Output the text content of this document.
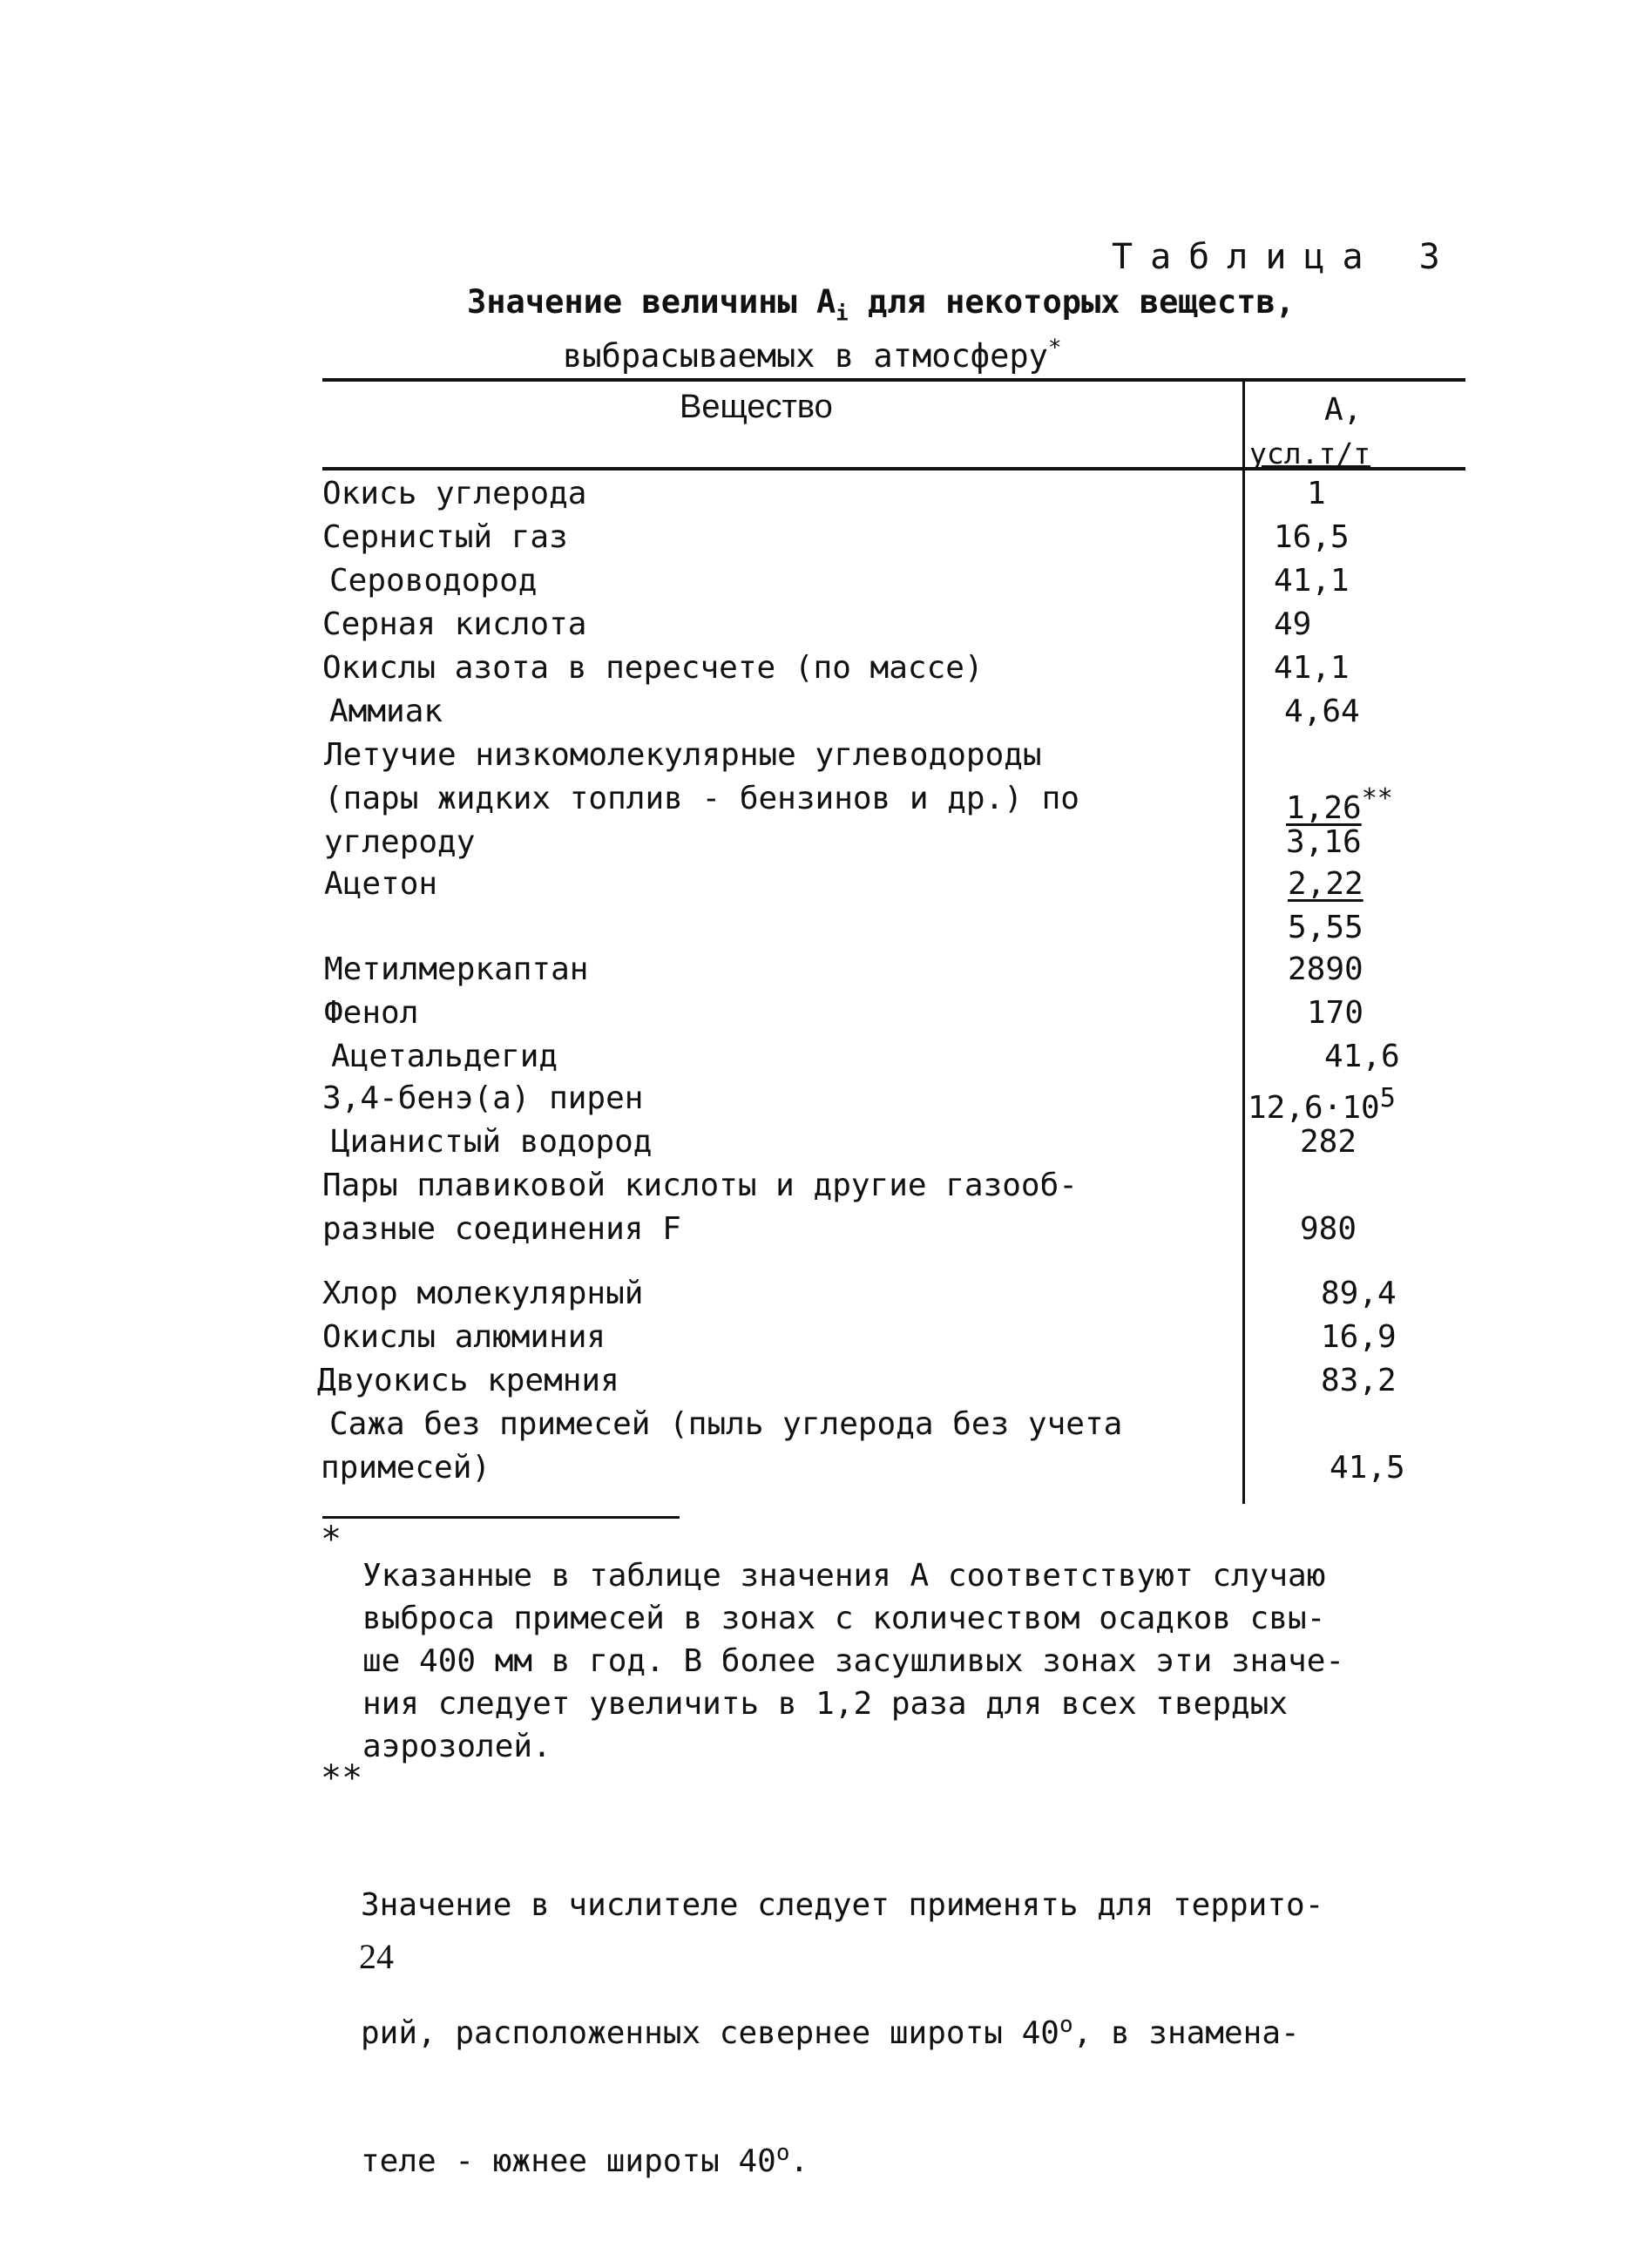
Таблица 3
Значение величины $A_i$ для некоторых веществ,
выбрасываемых в атмосферу*
Вещество	A,
усл.т/т
Окись углерода
Сернистый газ
Сероводород
Серная кислота
Окислы азота в пересчете (по массе)
Аммиак
Летучие низкомолекулярные углеводороды
(пары жидких топлив - бензинов и др.) по
углероду
Ацетон
Метилмеркаптан
Фенол
Ацетальдегид
3,4-бенэ(а) пирен
Цианистый водород
Пары плавиковой кислоты и другие газооб-
разные соединения F
Хлор молекулярный
Окислы алюминия
Двуокись кремния
Сажа без примесей (пыль углерода без учета
примесей)
1
16,5
41,1
49
41,1
4,64
1,26**
3,16
2,22
5,55
2890
170
41,6
$12,6\cdot 10^5$
282
980
89,4
16,9
83,2
41,5
*
Указанные в таблице значения A соответствуют случаю
выброса примесей в зонах с количеством осадков свы-
ше 400 мм в год. В более засушливых зонах эти значе-
ния следует увеличить в 1,2 раза для всех твердых
аэрозолей.
**

Значение в числителе следует применять для террито-

рий, расположенных севернее широты 40$^o$, в знамена-

теле - южнее широты 40$^o$.

24
